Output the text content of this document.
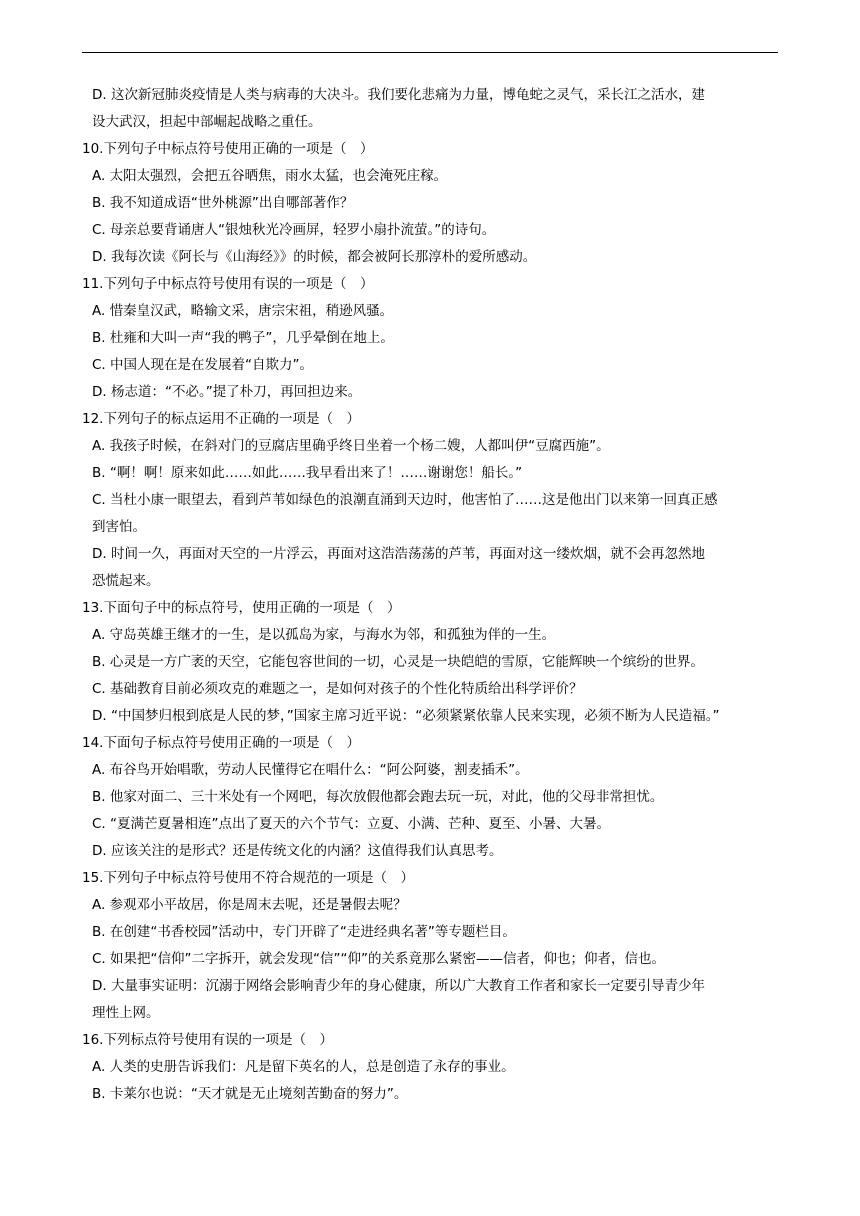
D. 这次新冠肺炎疫情是人类与病毒的大决斗。我们要化悲痛为力量，博龟蛇之灵气，采长江之活水，建
设大武汉，担起中部崛起战略之重任。
10.下列句子中标点符号使用正确的一项是（　）
A. 太阳太强烈，会把五谷晒焦，雨水太猛，也会淹死庄稼。
B. 我不知道成语“世外桃源”出自哪部著作？
C. 母亲总要背诵唐人“银烛秋光冷画屏，轻罗小扇扑流萤。”的诗句。
D. 我每次读《阿长与《山海经》》的时候，都会被阿长那淳朴的爱所感动。
11.下列句子中标点符号使用有误的一项是（　）
A. 惜秦皇汉武，略输文采，唐宗宋祖，稍逊风骚。
B. 杜雍和大叫一声“我的鸭子”，几乎晕倒在地上。
C. 中国人现在是在发展着“自欺力”。
D. 杨志道：“不必。”提了朴刀，再回担边来。
12.下列句子的标点运用不正确的一项是（　）
A. 我孩子时候，在斜对门的豆腐店里确乎终日坐着一个杨二嫂，人都叫伊“豆腐西施”。
B. “啊！啊！原来如此……如此……我早看出来了！……谢谢您！船长。”
C. 当杜小康一眼望去，看到芦苇如绿色的浪潮直涌到天边时，他害怕了……这是他出门以来第一回真正感
到害怕。
D. 时间一久，再面对天空的一片浮云，再面对这浩浩荡荡的芦苇，再面对这一缕炊烟，就不会再忽然地
恐慌起来。
13.下面句子中的标点符号，使用正确的一项是（　）
A. 守岛英雄王继才的一生，是以孤岛为家，与海水为邻，和孤独为伴的一生。
B. 心灵是一方广袤的天空，它能包容世间的一切，心灵是一块皑皑的雪原，它能辉映一个缤纷的世界。
C. 基础教育目前必须攻克的难题之一，是如何对孩子的个性化特质给出科学评价？
D. “中国梦归根到底是人民的梦，”国家主席习近平说：“必须紧紧依靠人民来实现，必须不断为人民造福。”
14.下面句子标点符号使用正确的一项是（　）
A. 布谷鸟开始唱歌，劳动人民懂得它在唱什么：“阿公阿婆，割麦插禾”。
B. 他家对面二、三十米处有一个网吧，每次放假他都会跑去玩一玩，对此，他的父母非常担忧。
C. “夏满芒夏暑相连”点出了夏天的六个节气：立夏、小满、芒种、夏至、小暑、大暑。
D. 应该关注的是形式？还是传统文化的内涵？这值得我们认真思考。
15.下列句子中标点符号使用不符合规范的一项是（　）
A. 参观邓小平故居，你是周末去呢，还是暑假去呢？
B. 在创建“书香校园”活动中，专门开辟了“走进经典名著”等专题栏目。
C. 如果把“信仰”二字拆开，就会发现“信”“仰”的关系竟那么紧密——信者，仰也；仰者，信也。
D. 大量事实证明：沉溺于网络会影响青少年的身心健康，所以广大教育工作者和家长一定要引导青少年
理性上网。
16.下列标点符号使用有误的一项是（　）
A. 人类的史册告诉我们：凡是留下英名的人，总是创造了永存的事业。
B. 卡莱尔也说：“天才就是无止境刻苦勤奋的努力”。
